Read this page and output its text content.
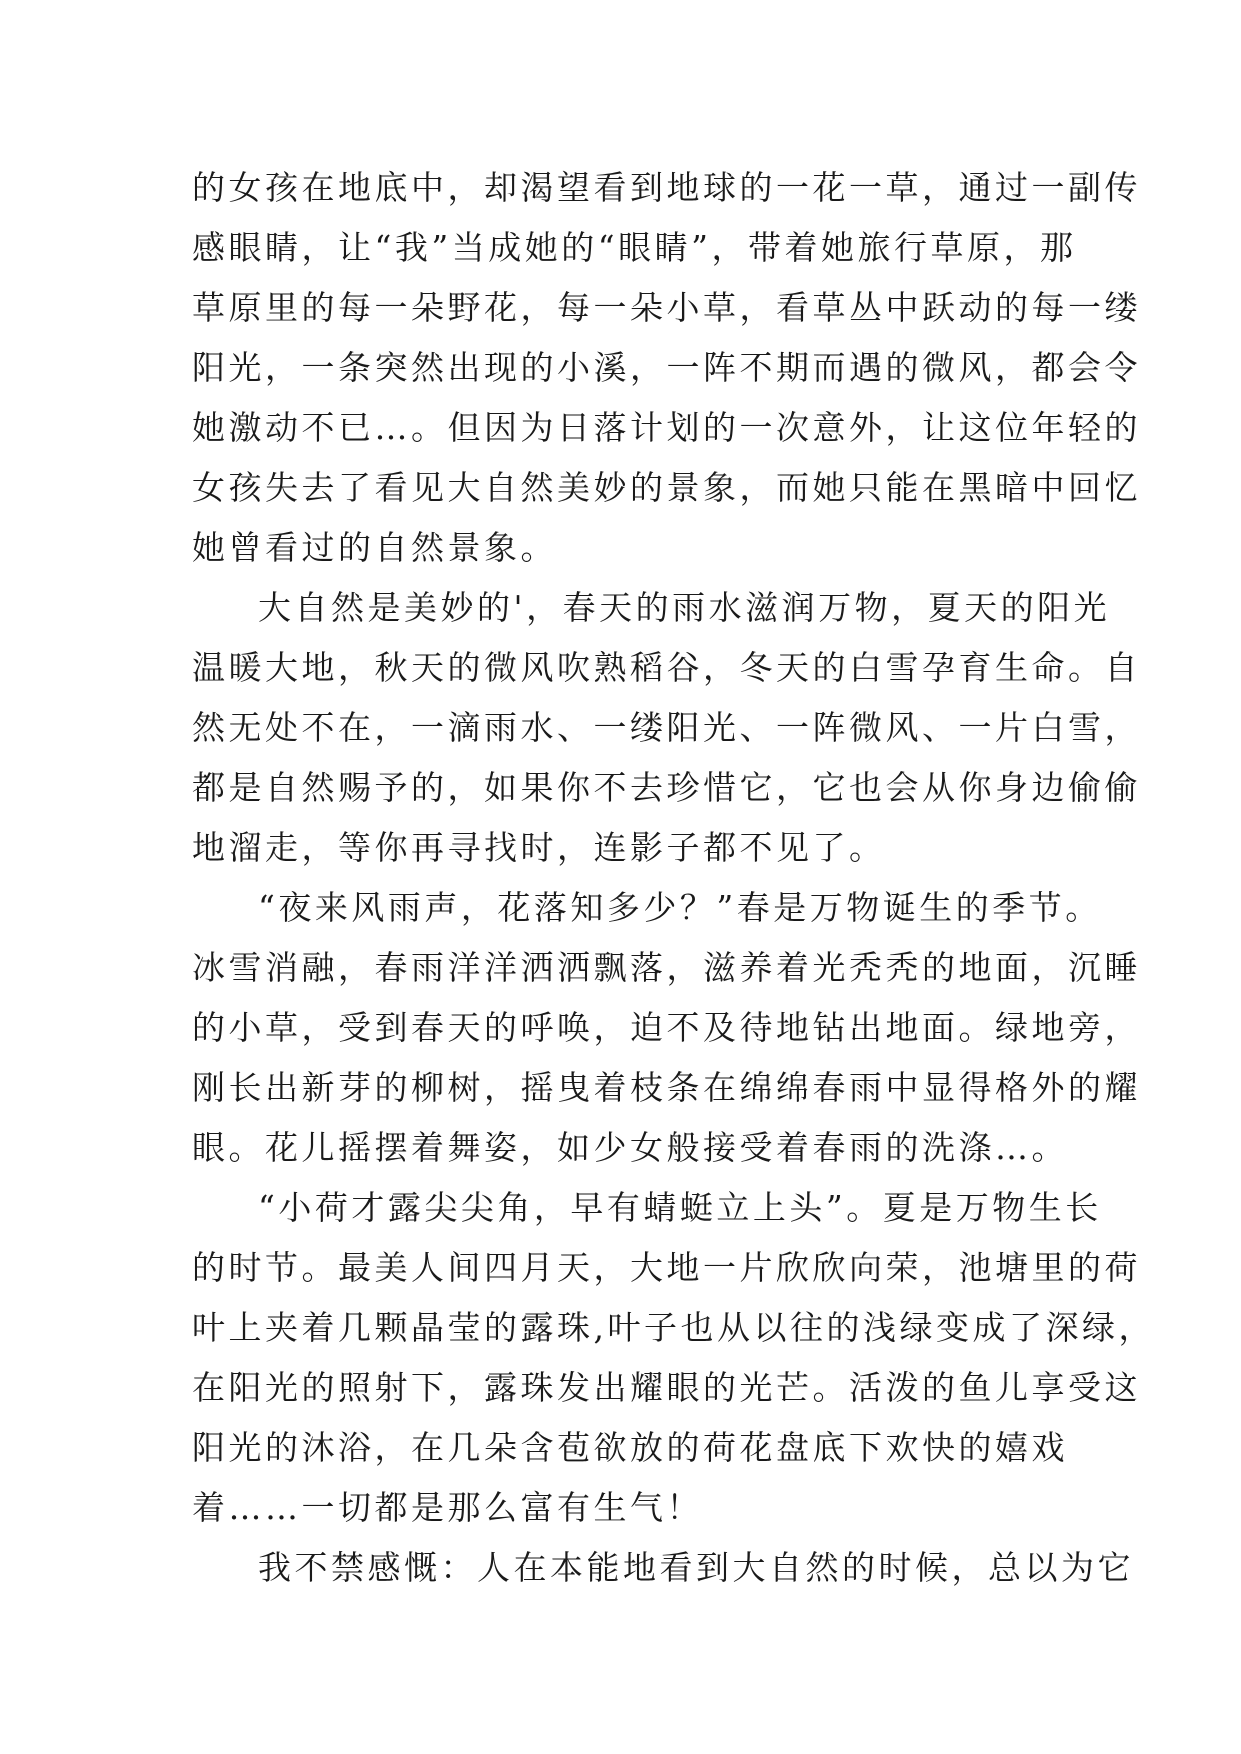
的女孩在地底中，却渴望看到地球的一花一草，通过一副传
感眼睛，让“我”当成她的“眼睛”，带着她旅行草原，那
草原里的每一朵野花，每一朵小草，看草丛中跃动的每一缕
阳光，一条突然出现的小溪，一阵不期而遇的微风，都会令
她激动不已…。但因为日落计划的一次意外，让这位年轻的
女孩失去了看见大自然美妙的景象，而她只能在黑暗中回忆
她曾看过的自然景象。
大自然是美妙的'，春天的雨水滋润万物，夏天的阳光
温暖大地，秋天的微风吹熟稻谷，冬天的白雪孕育生命。自
然无处不在，一滴雨水、一缕阳光、一阵微风、一片白雪，
都是自然赐予的，如果你不去珍惜它，它也会从你身边偷偷
地溜走，等你再寻找时，连影子都不见了。
“夜来风雨声，花落知多少？”春是万物诞生的季节。
冰雪消融，春雨洋洋洒洒飘落，滋养着光秃秃的地面，沉睡
的小草，受到春天的呼唤，迫不及待地钻出地面。绿地旁，
刚长出新芽的柳树，摇曳着枝条在绵绵春雨中显得格外的耀
眼。花儿摇摆着舞姿，如少女般接受着春雨的洗涤…。
“小荷才露尖尖角，早有蜻蜓立上头”。夏是万物生长
的时节。最美人间四月天，大地一片欣欣向荣，池塘里的荷
叶上夹着几颗晶莹的露珠,叶子也从以往的浅绿变成了深绿，
在阳光的照射下，露珠发出耀眼的光芒。活泼的鱼儿享受这
阳光的沐浴，在几朵含苞欲放的荷花盘底下欢快的嬉戏
着……一切都是那么富有生气！
我不禁感慨：人在本能地看到大自然的时候，总以为它
